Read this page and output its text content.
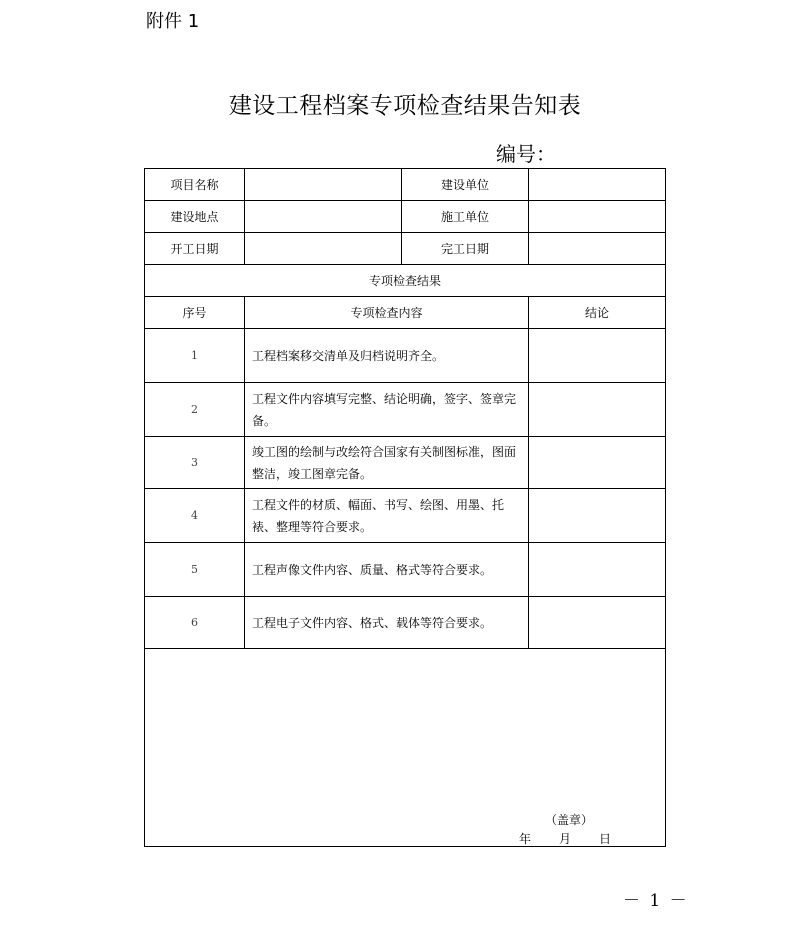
附件 1
建设工程档案专项检查结果告知表
编号：
项目名称		建设单位	
建设地点		施工单位	
开工日期		完工日期	
专项检查结果			
序号	专项检查内容		结论
1	工程档案移交清单及归档说明齐全。		
2	工程文件内容填写完整、结论明确，签字、签章完备。		
3	竣工图的绘制与改绘符合国家有关制图标准，图面整洁，竣工图章完备。		
4	工程文件的材质、幅面、书写、绘图、用墨、托裱、整理等符合要求。		
5	工程声像文件内容、质量、格式等符合要求。		
6	工程电子文件内容、格式、载体等符合要求。		

（盖章）
年 月 日			
－ 1 －
